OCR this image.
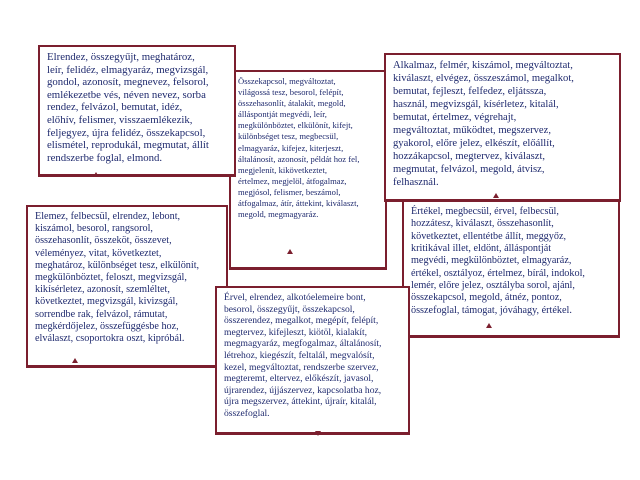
Elrendez, összegyűjt, meghatároz,
leír, felidéz, elmagyaráz, megvizsgál,
gondol, azonosít, megnevez, felsorol,
emlékezetbe vés, néven nevez, sorba
rendez, felvázol, bemutat, idéz,
előhív, felismer, visszaemlékezik,
feljegyez, újra felidéz, összekapcsol,
elismétel, reprodukál, megmutat, állít
rendszerbe foglal, elmond.
Összekapcsol, megváltoztat,
világossá tesz, besorol, felépít,
összehasonlít, átalakít, megold,
álláspontját megvédi, leír,
megkülönböztet, elkülönít, kifejt,
különbséget tesz, megbecsül,
elmagyaráz, kifejez, kiterjeszt,
általánosít, azonosít, példát hoz fel,
megjelenít, kikövetkeztet,
értelmez, megjelöl, átfogalmaz,
megjósol, felismer, beszámol,
átfogalmaz, átír, áttekint, kiválaszt,
megold, megmagyaráz.
Alkalmaz, felmér, kiszámol, megváltoztat,
kiválaszt, elvégez, összeszámol, megalkot,
bemutat, fejleszt, felfedez, eljátssza,
használ, megvizsgál, kísérletez, kitalál,
bemutat, értelmez, végrehajt,
megváltoztat, működtet, megszervez,
gyakorol, előre jelez, elkészít, előállít,
hozzákapcsol, megtervez, kiválaszt,
megmutat, felvázol, megold, átvisz,
felhasznál.
Elemez, felbecsül, elrendez, lebont,
kiszámol, besorol, rangsorol,
összehasonlít, összeköt, összevet,
véleményez, vitat, következtet,
meghatároz, különbséget tesz, elkülönít,
megkülönböztet, feloszt, megvizsgál,
kikísérletez, azonosít, szemléltet,
következtet, megvizsgál, kivizsgál,
sorrendbe rak, felvázol, rámutat,
megkérdőjelez, összefüggésbe hoz,
elválaszt, csoportokra oszt, kipróbál.
Értékel, megbecsül, érvel, felbecsül,
hozzátesz, kiválaszt, összehasonlít,
következtet, ellentétbe állít, meggyőz,
kritikával illet, eldönt, álláspontját
megvédi, megkülönböztet, elmagyaráz,
értékel, osztályoz, értelmez, bírál, indokol,
lemér, előre jelez, osztályba sorol, ajánl,
összekapcsol, megold, átnéz, pontoz,
összefoglal, támogat, jóváhagy, értékel.
Érvel, elrendez, alkotóelemeire bont,
besorol, összegyűjt, összekapcsol,
összerendez, megalkot, megépít, felépít,
megtervez, kifejleszt, kiötöl, kialakít,
megmagyaráz, megfogalmaz, általánosít,
létrehoz, kiegészít, feltalál, megvalósít,
kezel, megváltoztat, rendszerbe szervez,
megteremt, eltervez, előkészít, javasol,
újrarendez, újjászervez, kapcsolatba hoz,
újra megszervez, áttekint, újraír, kitalál,
összefoglal.
